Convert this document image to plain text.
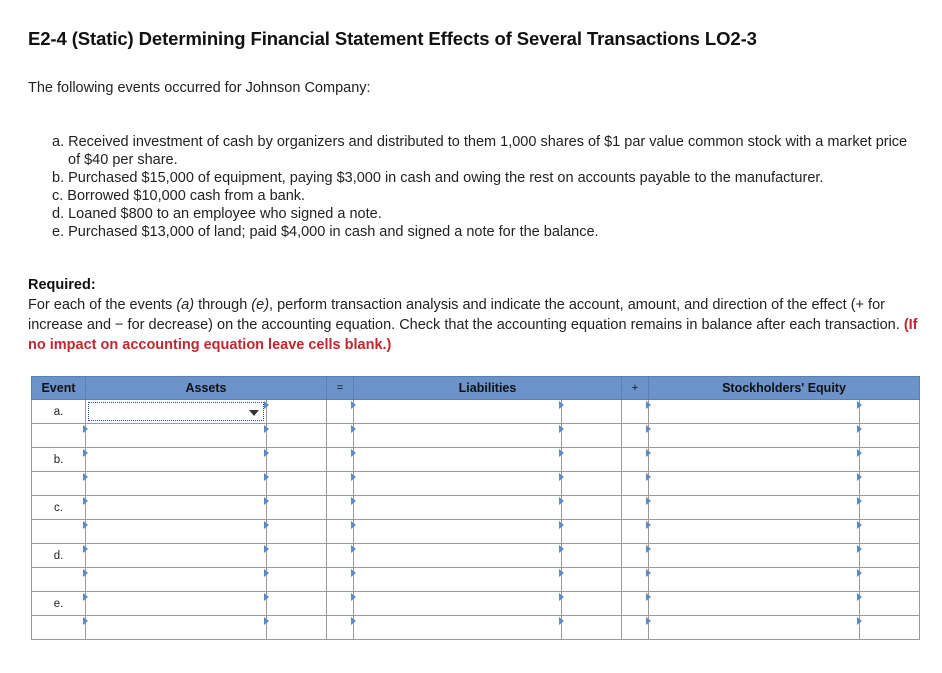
E2-4 (Static) Determining Financial Statement Effects of Several Transactions LO2-3
The following events occurred for Johnson Company:
a. Received investment of cash by organizers and distributed to them 1,000 shares of $1 par value common stock with a market price of $40 per share.
b. Purchased $15,000 of equipment, paying $3,000 in cash and owing the rest on accounts payable to the manufacturer.
c. Borrowed $10,000 cash from a bank.
d. Loaned $800 to an employee who signed a note.
e. Purchased $13,000 of land; paid $4,000 in cash and signed a note for the balance.
Required:
For each of the events (a) through (e), perform transaction analysis and indicate the account, amount, and direction of the effect (+ for increase and − for decrease) on the accounting equation. Check that the accounting equation remains in balance after each transaction. (If no impact on accounting equation leave cells blank.)
Event	Assets		=	Liabilities		+	Stockholders' Equity	
a.	

b.								

c.								

d.								

e.								
